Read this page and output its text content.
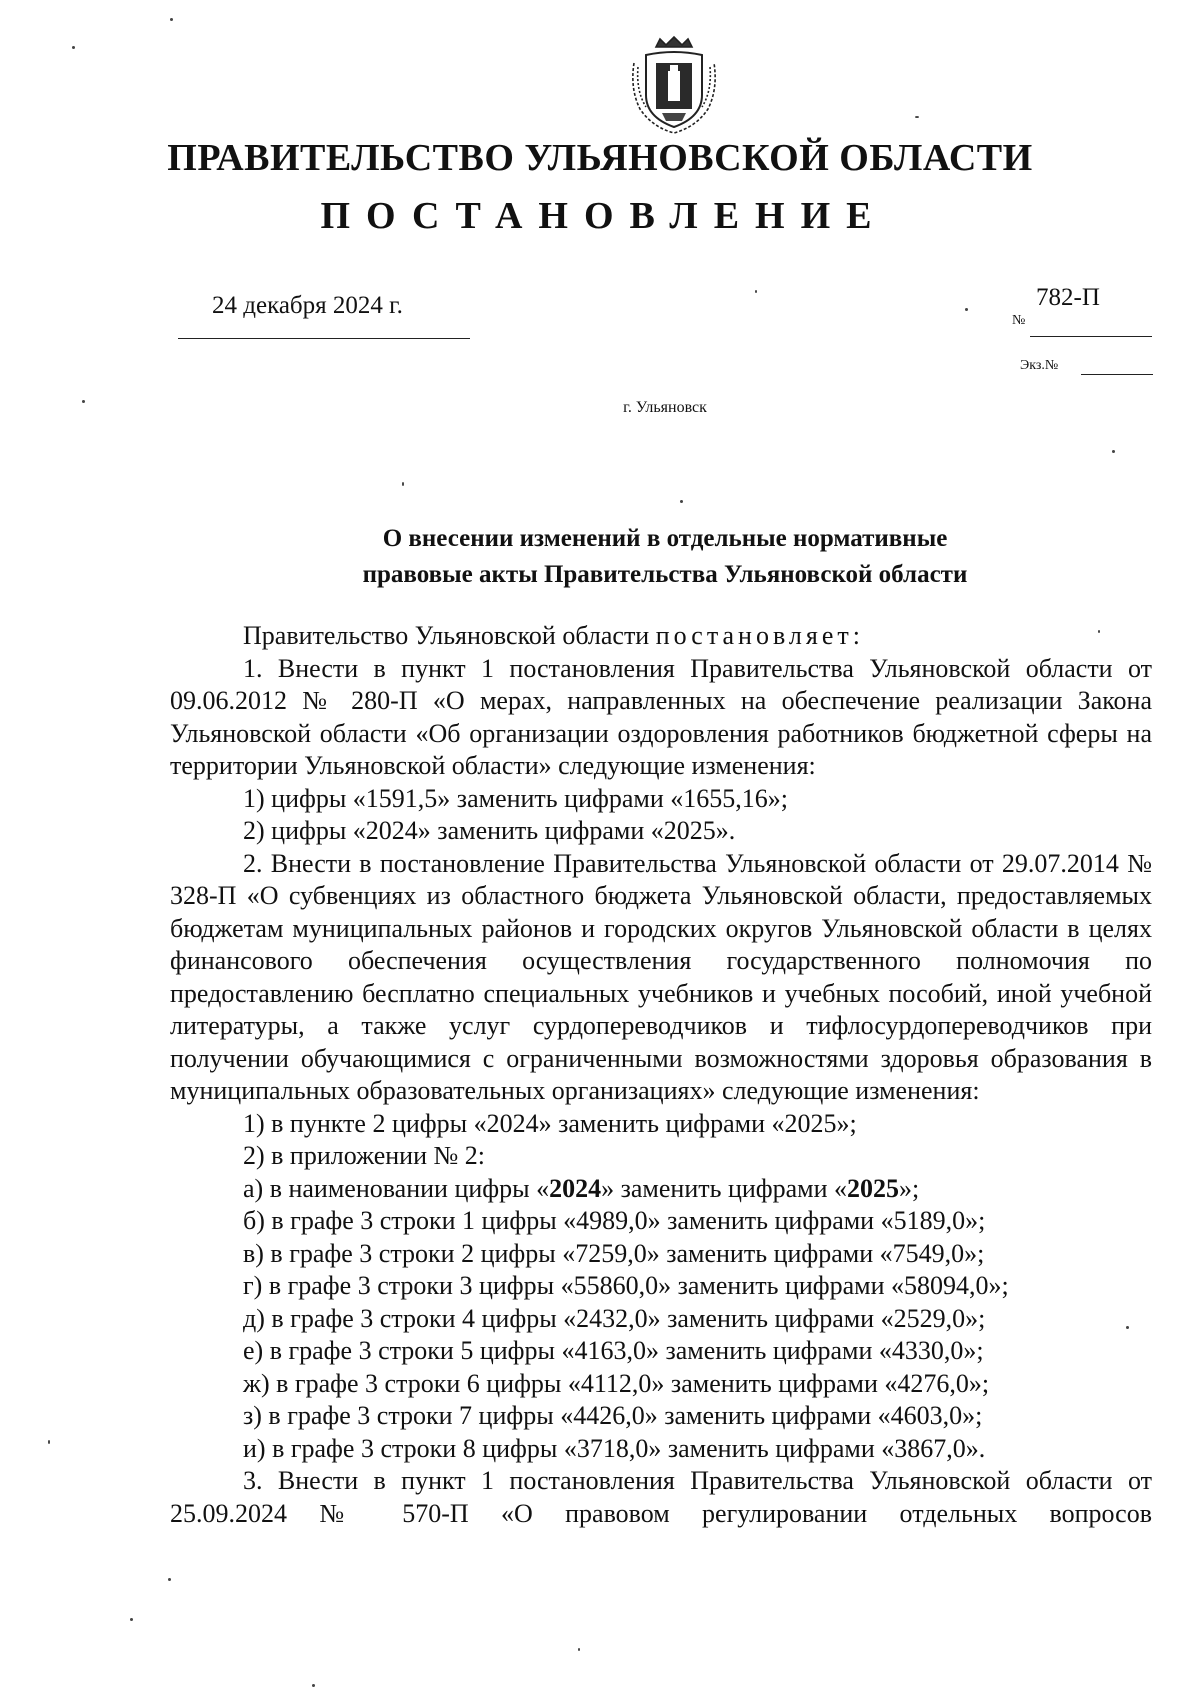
ПРАВИТЕЛЬСТВО УЛЬЯНОВСКОЙ ОБЛАСТИ
ПОСТАНОВЛЕНИЕ
24 декабря 2024 г.
№
782-П
Экз.№
г. Ульяновск
О внесении изменений в отдельные нормативные
правовые акты Правительства Ульяновской области

Правительство Ульяновской области постановляет:

1. Внести в пункт 1 постановления Правительства Ульяновской области от 09.06.2012 № 280-П «О мерах, направленных на обеспечение реализации Закона Ульяновской области «Об организации оздоровления работников бюджетной сферы на территории Ульяновской области» следующие изменения:

1) цифры «1591,5» заменить цифрами «1655,16»;

2) цифры «2024» заменить цифрами «2025».

2. Внести в постановление Правительства Ульяновской области от 29.07.2014 № 328-П «О субвенциях из областного бюджета Ульяновской области, предоставляемых бюджетам муниципальных районов и городских округов Ульяновской области в целях финансового обеспечения осуществления государственного полномочия по предоставлению бесплатно специальных учебников и учебных пособий, иной учебной литературы, а также услуг сурдопереводчиков и тифлосурдопереводчиков при получении обучающимися с ограниченными возможностями здоровья образования в муниципальных образовательных организациях» следующие изменения:

1) в пункте 2 цифры «2024» заменить цифрами «2025»;

2) в приложении № 2:

а) в наименовании цифры «2024» заменить цифрами «2025»;

б) в графе 3 строки 1 цифры «4989,0» заменить цифрами «5189,0»;

в) в графе 3 строки 2 цифры «7259,0» заменить цифрами «7549,0»;

г) в графе 3 строки 3 цифры «55860,0» заменить цифрами «58094,0»;

д) в графе 3 строки 4 цифры «2432,0» заменить цифрами «2529,0»;

е) в графе 3 строки 5 цифры «4163,0» заменить цифрами «4330,0»;

ж) в графе 3 строки 6 цифры «4112,0» заменить цифрами «4276,0»;

з) в графе 3 строки 7 цифры «4426,0» заменить цифрами «4603,0»;

и) в графе 3 строки 8 цифры «3718,0» заменить цифрами «3867,0».

3. Внести в пункт 1 постановления Правительства Ульяновской области от 25.09.2024 № 570-П «О правовом регулировании отдельных вопросов
